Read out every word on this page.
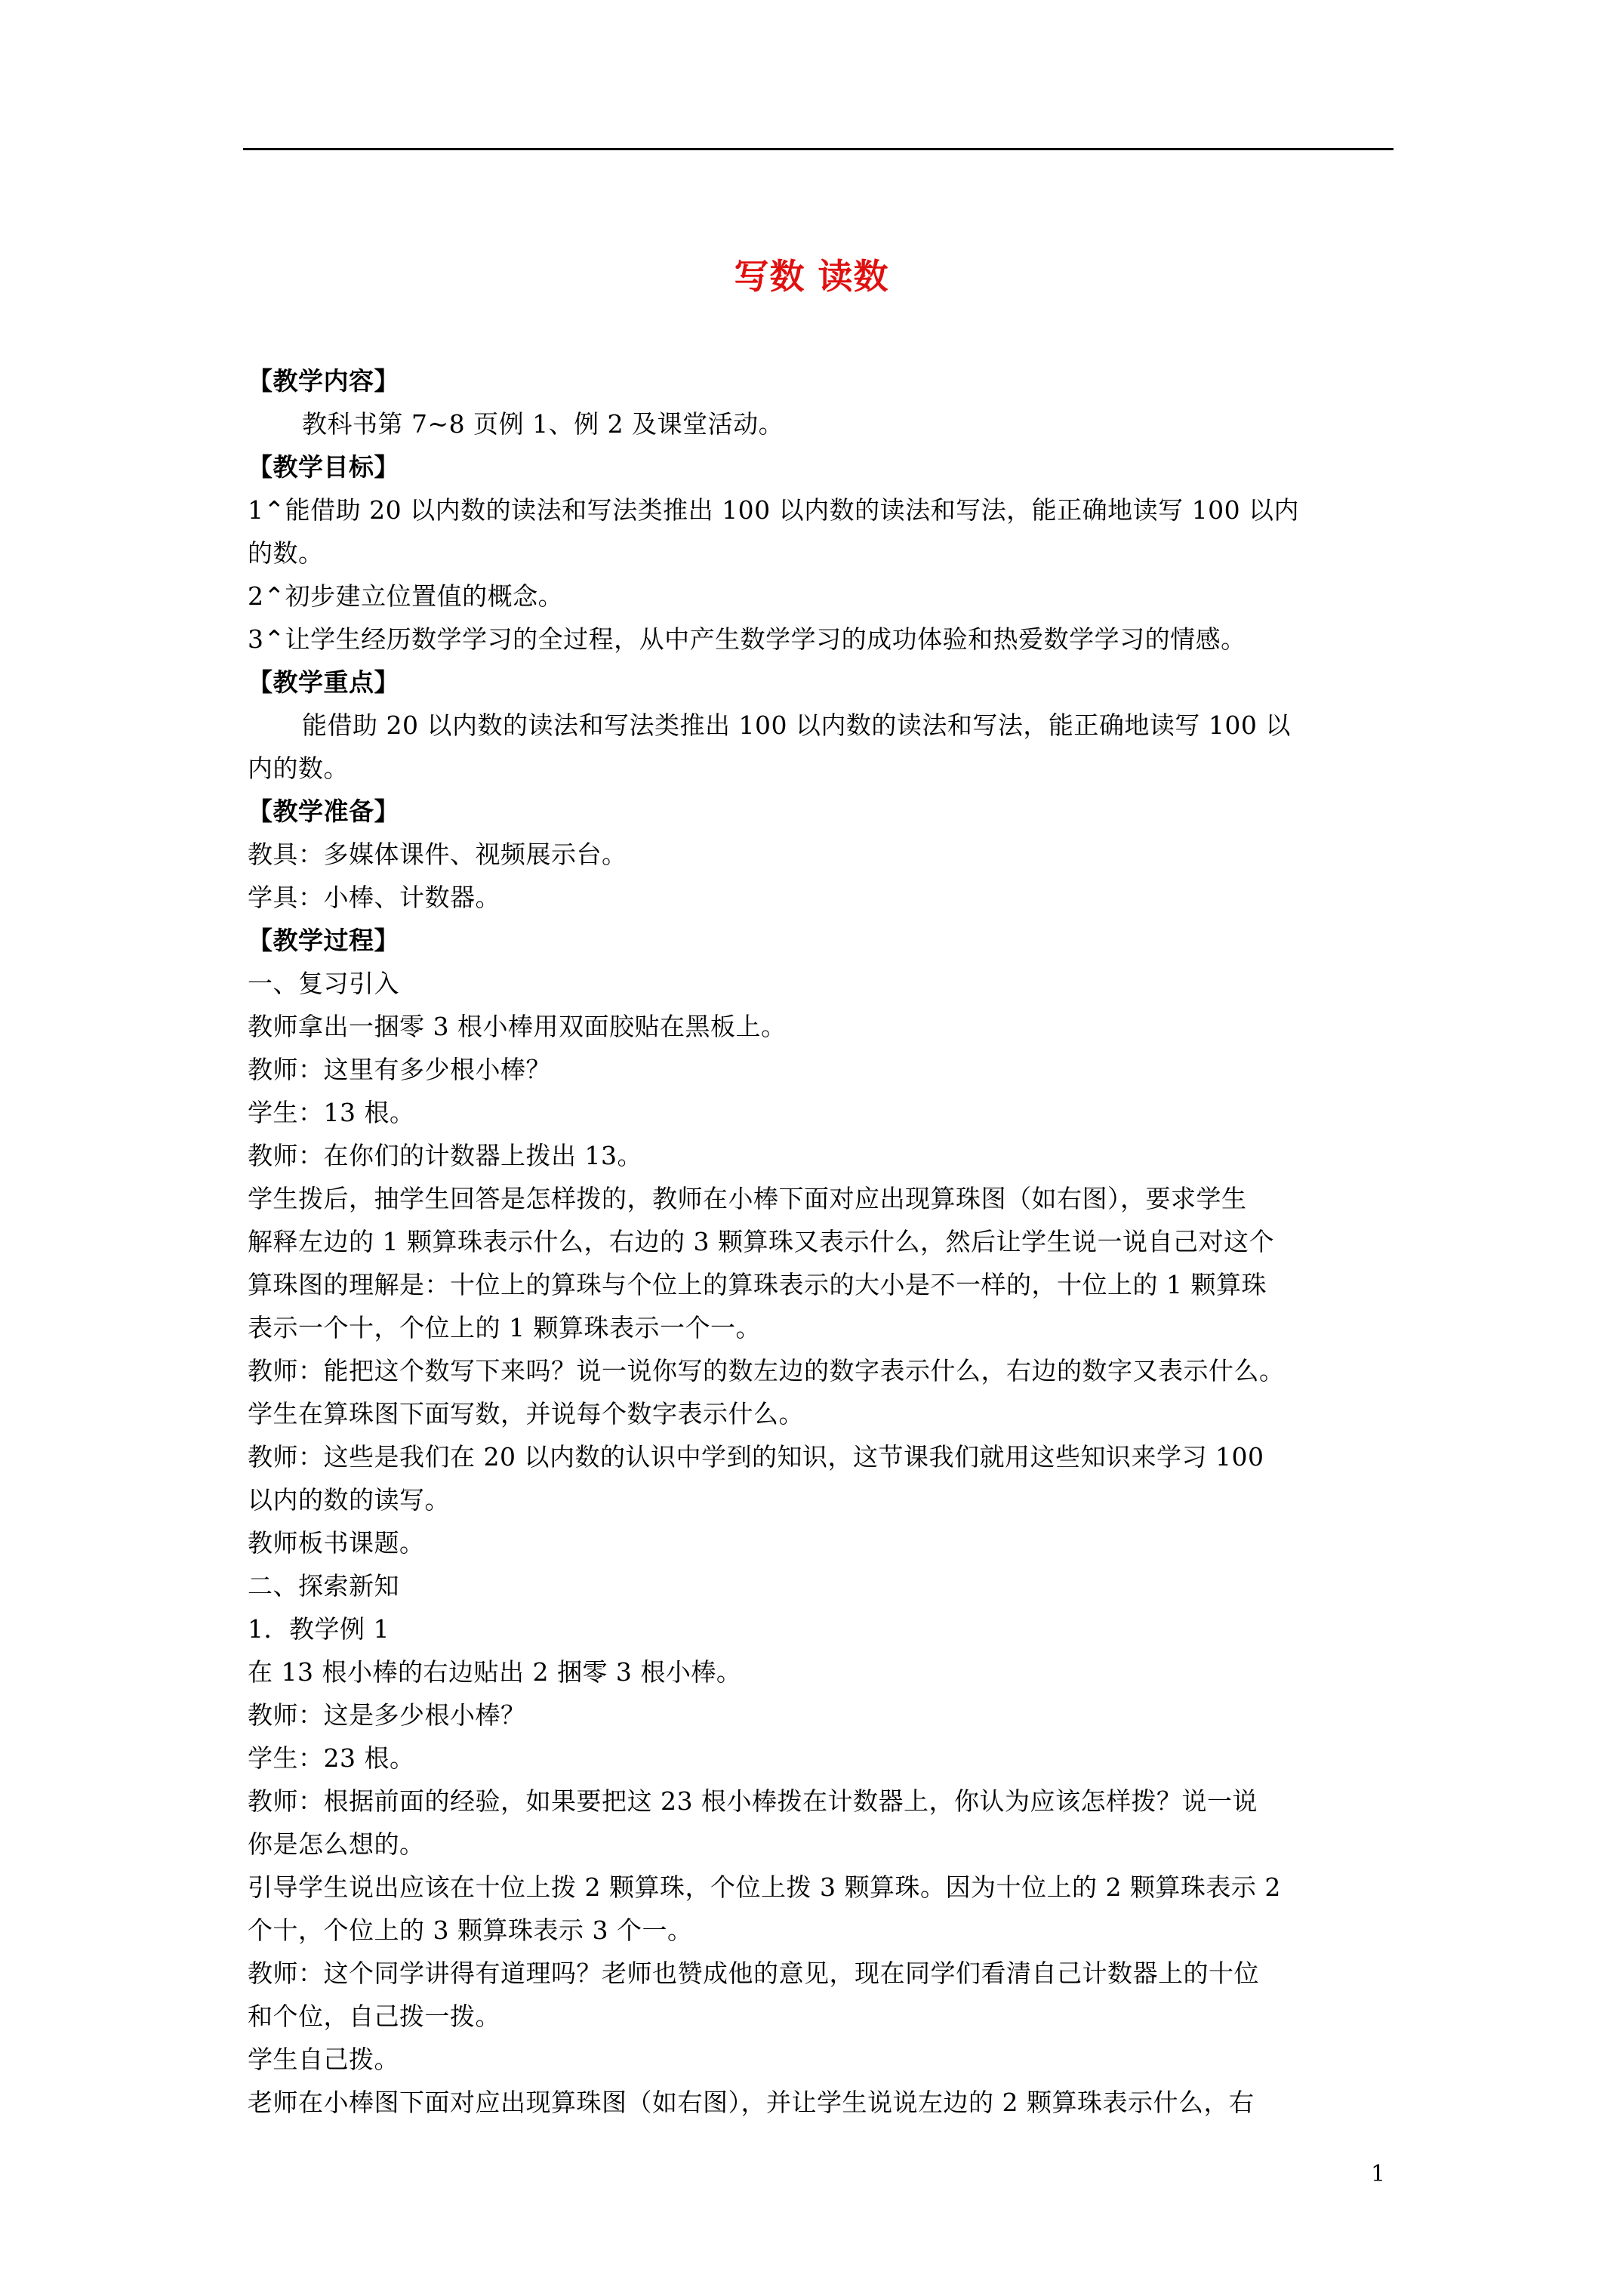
写数 读数
【教学内容】
教科书第 7~8 页例 1、例 2 及课堂活动。
【教学目标】
1⌃能借助 20 以内数的读法和写法类推出 100 以内数的读法和写法，能正确地读写 100 以内
的数。
2⌃初步建立位置值的概念。
3⌃让学生经历数学学习的全过程，从中产生数学学习的成功体验和热爱数学学习的情感。
【教学重点】
能借助 20 以内数的读法和写法类推出 100 以内数的读法和写法，能正确地读写 100 以
内的数。
【教学准备】
教具：多媒体课件、视频展示台。
学具：小棒、计数器。
【教学过程】
一、复习引入
教师拿出一捆零 3 根小棒用双面胶贴在黑板上。
教师：这里有多少根小棒？
学生：13 根。
教师：在你们的计数器上拨出 13。
学生拨后，抽学生回答是怎样拨的，教师在小棒下面对应出现算珠图（如右图），要求学生
解释左边的 1 颗算珠表示什么，右边的 3 颗算珠又表示什么，然后让学生说一说自己对这个
算珠图的理解是：十位上的算珠与个位上的算珠表示的大小是不一样的，十位上的 1 颗算珠
表示一个十，个位上的 1 颗算珠表示一个一。
教师：能把这个数写下来吗？说一说你写的数左边的数字表示什么，右边的数字又表示什么。
学生在算珠图下面写数，并说每个数字表示什么。
教师：这些是我们在 20 以内数的认识中学到的知识，这节课我们就用这些知识来学习 100
以内的数的读写。
教师板书课题。
二、探索新知
1．教学例 1
在 13 根小棒的右边贴出 2 捆零 3 根小棒。
教师：这是多少根小棒？
学生：23 根。
教师：根据前面的经验，如果要把这 23 根小棒拨在计数器上，你认为应该怎样拨？说一说
你是怎么想的。
引导学生说出应该在十位上拨 2 颗算珠，个位上拨 3 颗算珠。因为十位上的 2 颗算珠表示 2
个十，个位上的 3 颗算珠表示 3 个一。
教师：这个同学讲得有道理吗？老师也赞成他的意见，现在同学们看清自己计数器上的十位
和个位，自己拨一拨。
学生自己拨。
老师在小棒图下面对应出现算珠图（如右图），并让学生说说左边的 2 颗算珠表示什么，右
1
